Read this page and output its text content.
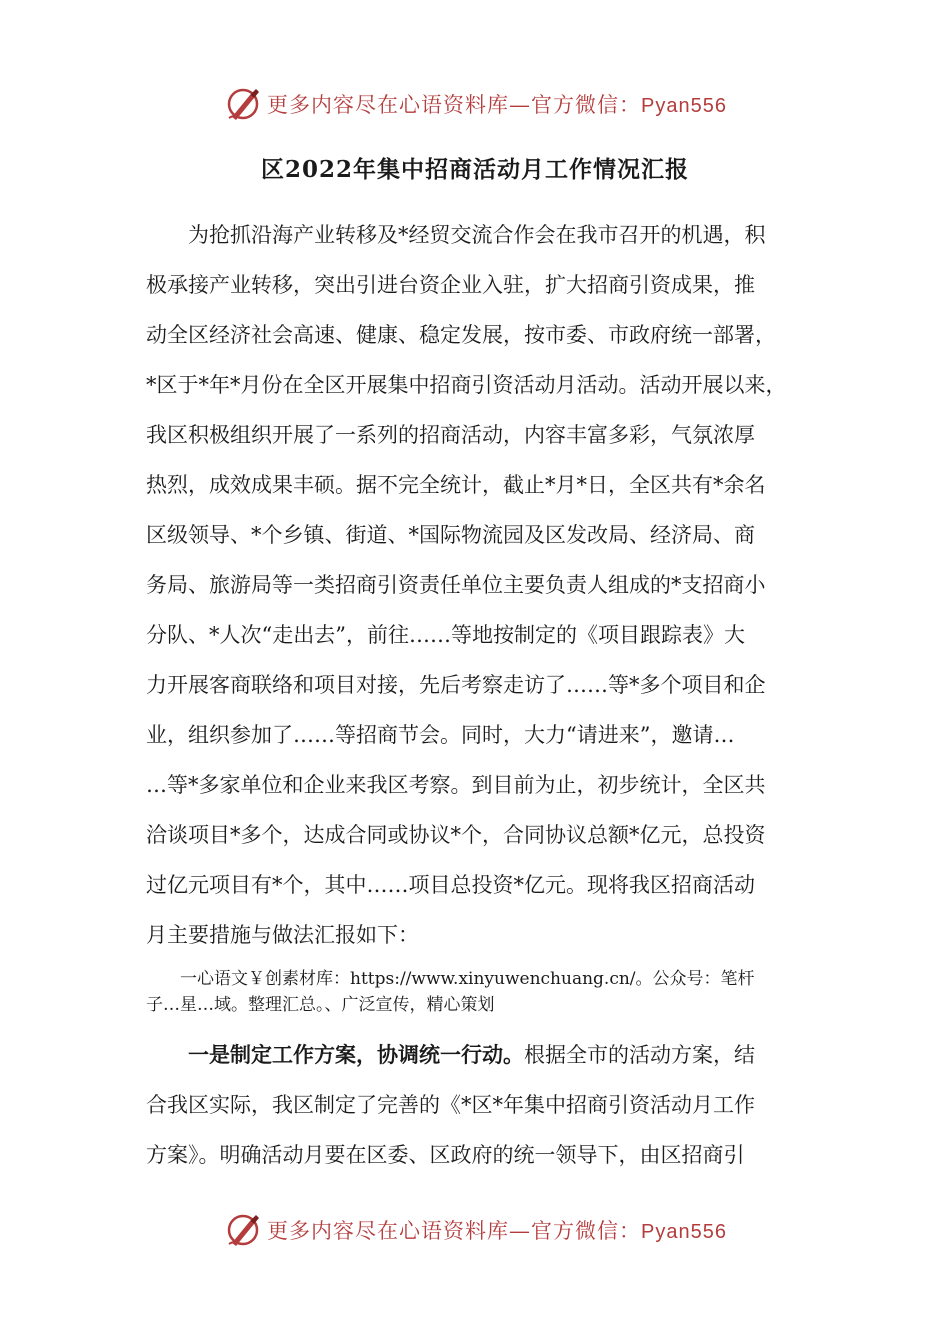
更多内容尽在心语资料库—官方微信：Pyan556
区2022年集中招商活动月工作情况汇报
　　为抢抓沿海产业转移及*经贸交流合作会在我市召开的机遇，积
极承接产业转移，突出引进台资企业入驻，扩大招商引资成果，推
动全区经济社会高速、健康、稳定发展，按市委、市政府统一部署，
*区于*年*月份在全区开展集中招商引资活动月活动。活动开展以来，
我区积极组织开展了一系列的招商活动，内容丰富多彩，气氛浓厚
热烈，成效成果丰硕。据不完全统计，截止*月*日，全区共有*余名
区级领导、*个乡镇、街道、*国际物流园及区发改局、经济局、商
务局、旅游局等一类招商引资责任单位主要负责人组成的*支招商小
分队、*人次“走出去”，前往……等地按制定的《项目跟踪表》大
力开展客商联络和项目对接，先后考察走访了……等*多个项目和企
业，组织参加了……等招商节会。同时，大力“请进来”，邀请…
…等*多家单位和企业来我区考察。到目前为止，初步统计，全区共
洽谈项目*多个，达成合同或协议*个，合同协议总额*亿元，总投资
过亿元项目有*个，其中……项目总投资*亿元。现将我区招商活动
月主要措施与做法汇报如下：
　　一心语文￥创素材库：https://www.xinyuwenchuang.cn/。公众号：笔杆
子…星…域。整理汇总。、广泛宣传，精心策划
　　一是制定工作方案，协调统一行动。根据全市的活动方案，结
合我区实际，我区制定了完善的《*区*年集中招商引资活动月工作
方案》。明确活动月要在区委、区政府的统一领导下，由区招商引
更多内容尽在心语资料库—官方微信：Pyan556
